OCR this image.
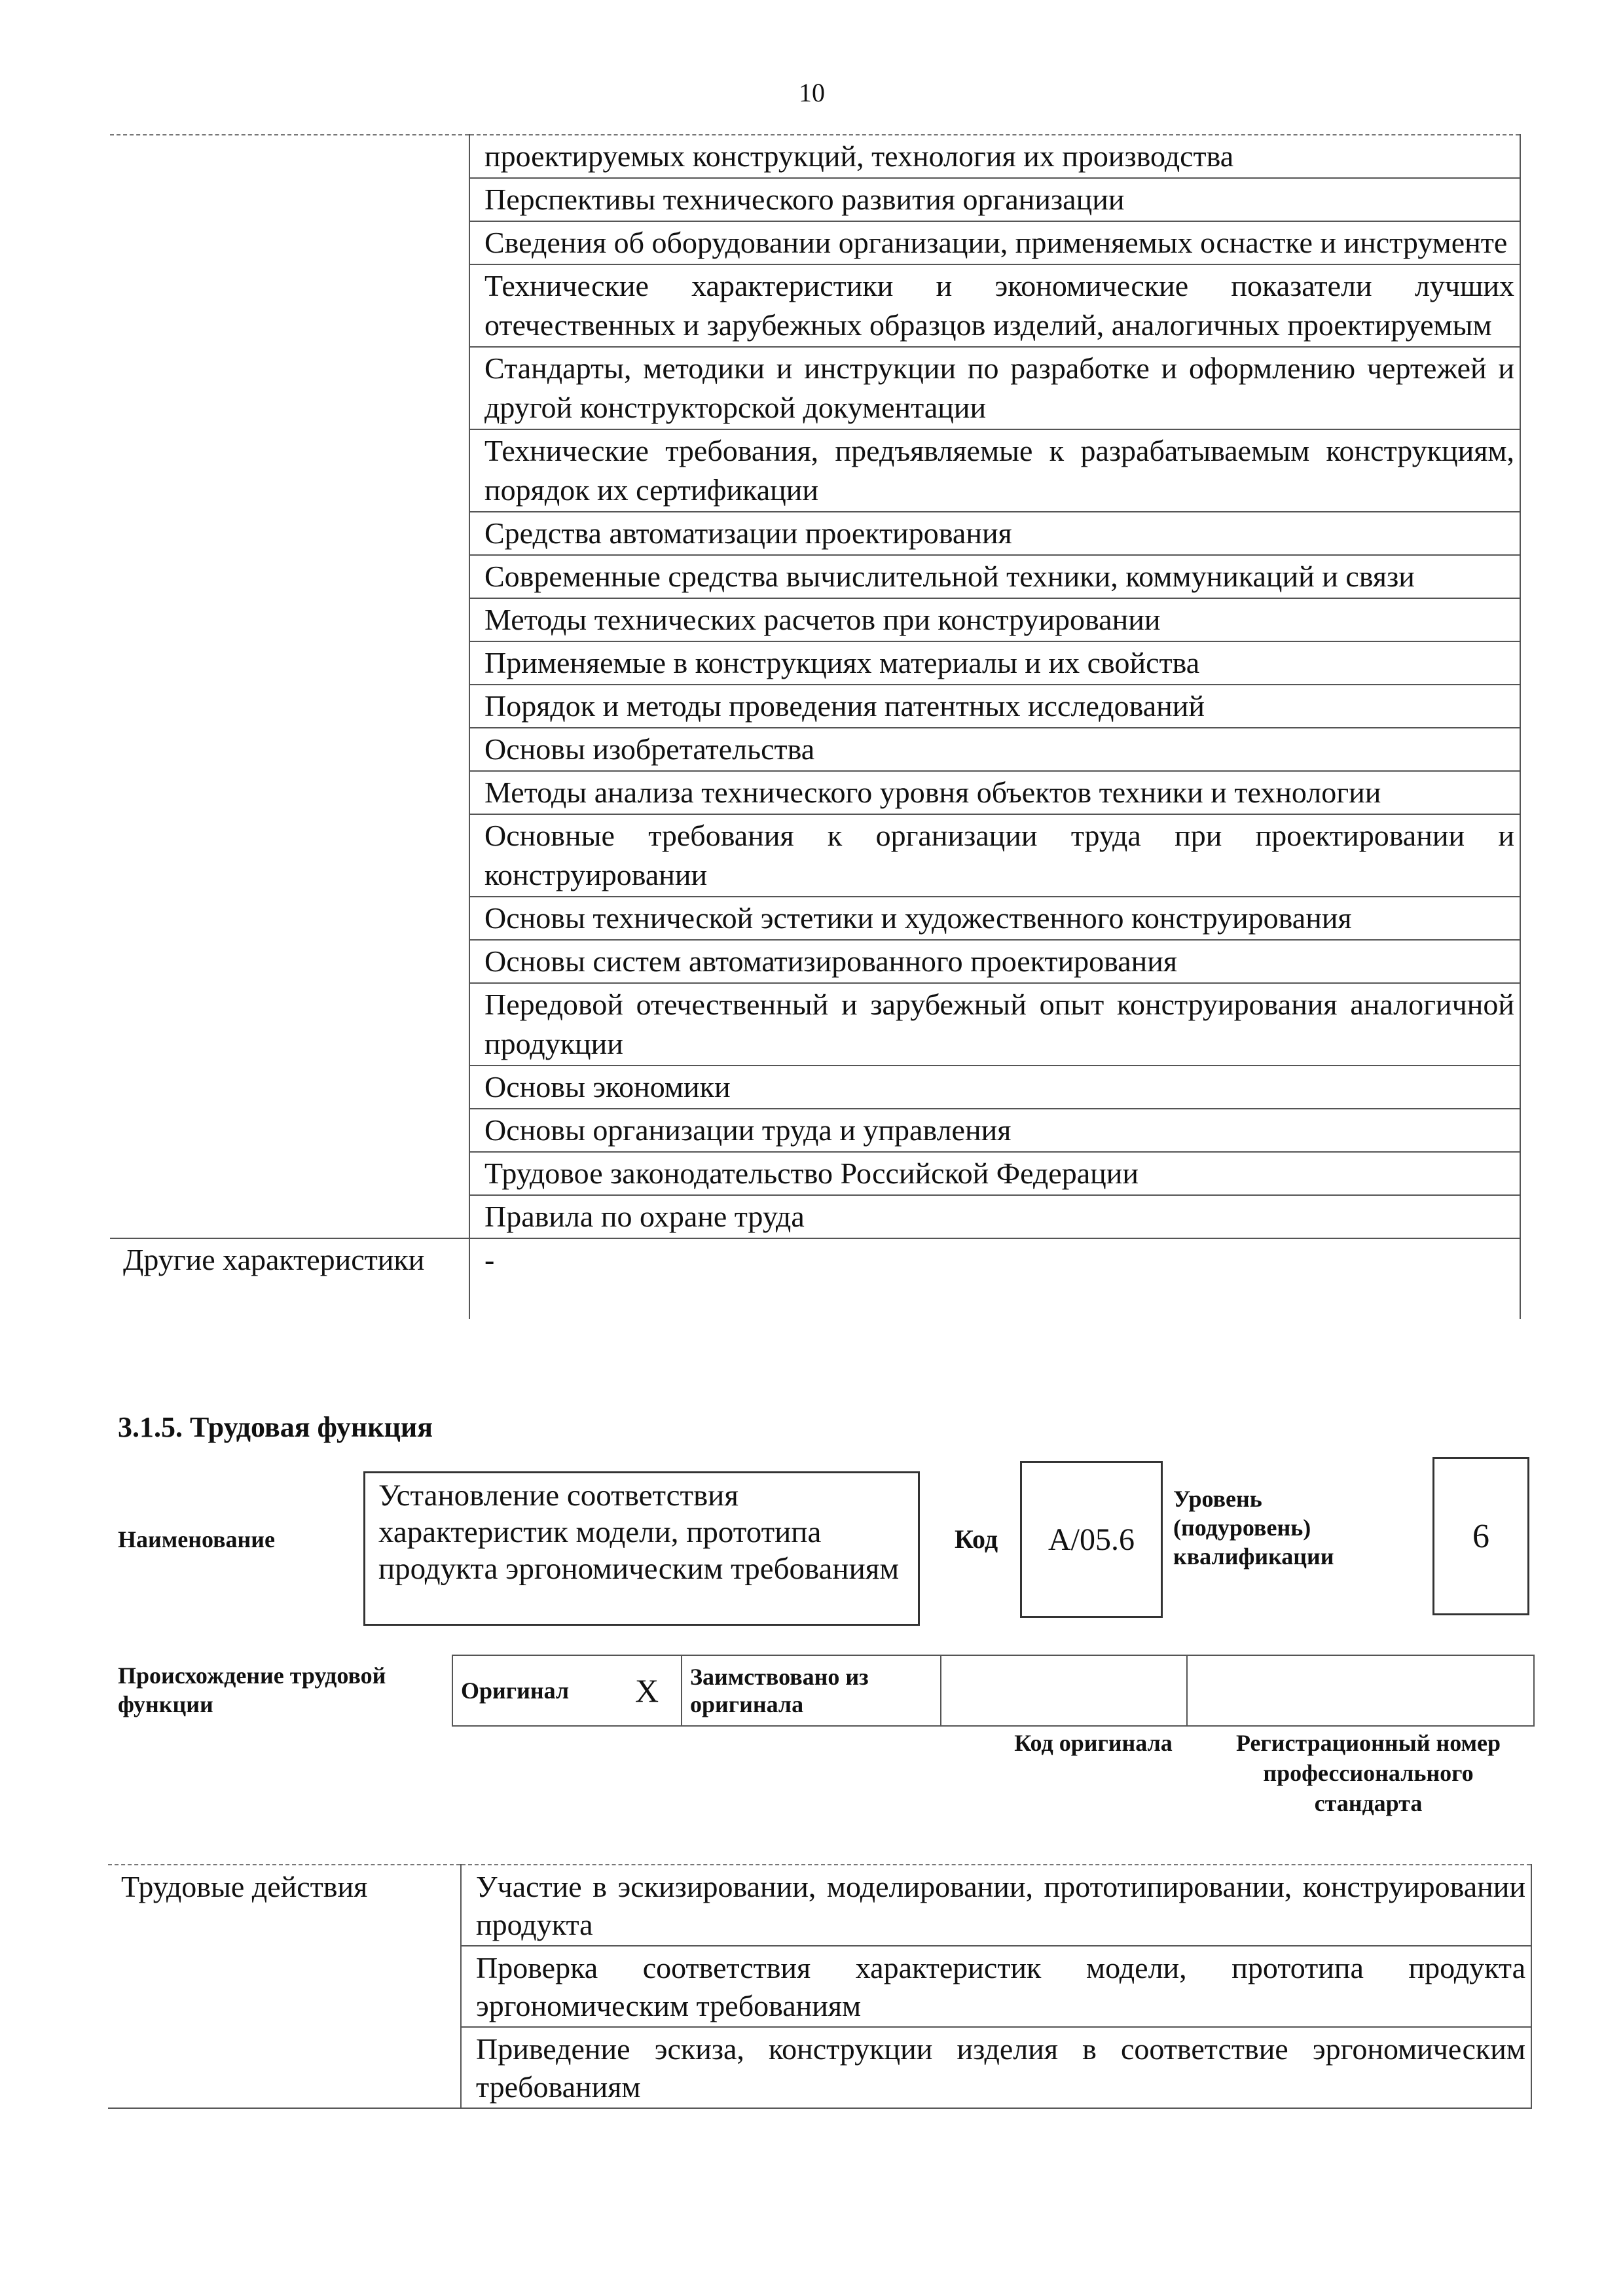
10
	проектируемых конструкций, технология их производства
	Перспективы технического развития организации
	Сведения об оборудовании организации, применяемых оснастке и инструменте
	Технические характеристики и экономические показатели лучших отечественных и зарубежных образцов изделий, аналогичных проектируемым
	Стандарты, методики и инструкции по разработке и оформлению чертежей и другой конструкторской документации
	Технические требования, предъявляемые к разрабатываемым конструкциям, порядок их сертификации
	Средства автоматизации проектирования
	Современные средства вычислительной техники, коммуникаций и связи
	Методы технических расчетов при конструировании
	Применяемые в конструкциях материалы и их свойства
	Порядок и методы проведения патентных исследований
	Основы изобретательства
	Методы анализа технического уровня объектов техники и технологии
	Основные требования к организации труда при проектировании и конструировании
	Основы технической эстетики и художественного конструирования
	Основы систем автоматизированного проектирования
	Передовой отечественный и зарубежный опыт конструирования аналогичной продукции
	Основы экономики
	Основы организации труда и управления
	Трудовое законодательство Российской Федерации
	Правила по охране труда
Другие характеристики	-
3.1.5. Трудовая функция
Наименование
Установление соответствия характеристик модели, прототипа продукта эргономическим требованиям
Код	А/05.6
Уровень (подуровень) квалификации
6
Происхождение трудовой функции
Оригинал	Х	Заимствовано из оригинала		
Код оригинала	Регистрационный номер профессионального стандарта
Трудовые действия	Участие в эскизировании, моделировании, прототипировании, конструировании продукта
Проверка соответствия характеристик модели, прототипа продукта эргономическим требованиям
Приведение эскиза, конструкции изделия в соответствие эргономическим требованиям
